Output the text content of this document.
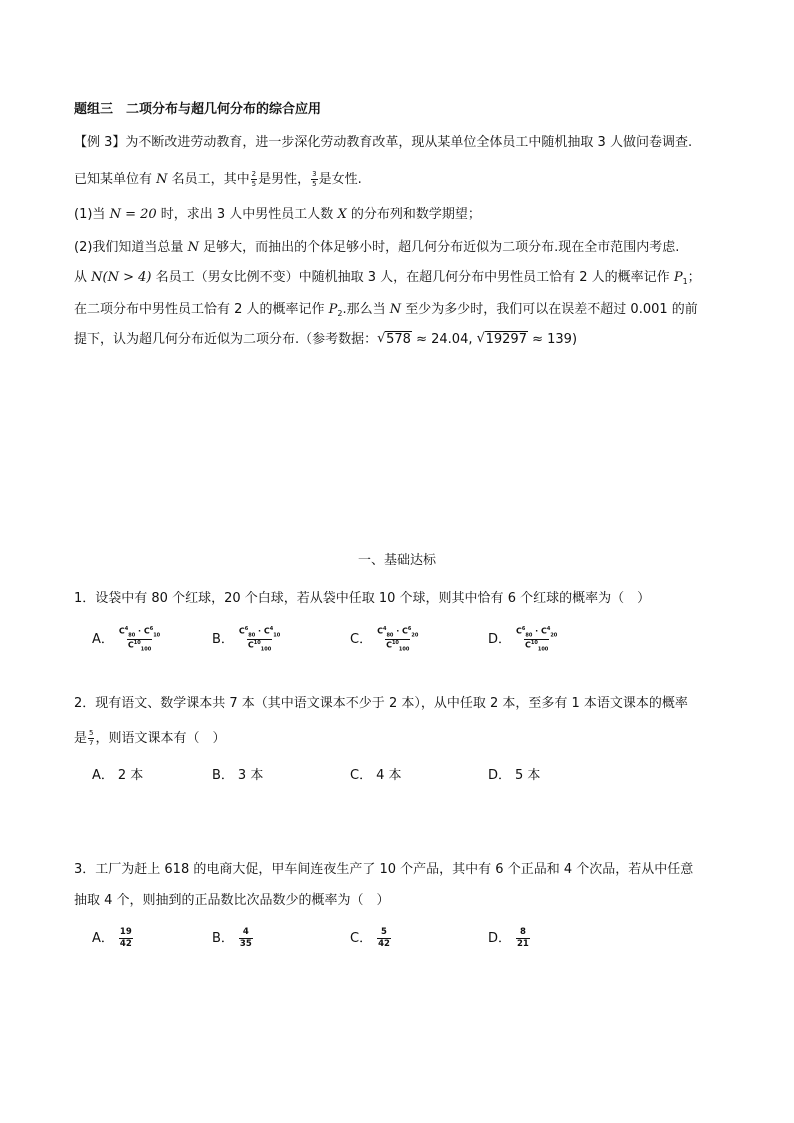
题组三　二项分布与超几何分布的综合应用
【例 3】为不断改进劳动教育，进一步深化劳动教育改革，现从某单位全体员工中随机抽取 3 人做问卷调查.
已知某单位有 N 名员工，其中 $\frac{2}{5}$ 是男性， $\frac{3}{5}$ 是女性.
(1)当 N = 20 时，求出 3 人中男性员工人数 X 的分布列和数学期望；
(2)我们知道当总量 N 足够大，而抽出的个体足够小时，超几何分布近似为二项分布.现在全市范围内考虑.
从 N(N > 4) 名员工（男女比例不变）中随机抽取 3 人，在超几何分布中男性员工恰有 2 人的概率记作 $P_1$；
在二项分布中男性员工恰有 2 人的概率记作 $P_2$.那么当 N 至少为多少时，我们可以在误差不超过 0.001 的前
提下，认为超几何分布近似为二项分布.（参考数据： √ 578 ≈ 24.04, √ 19297 ≈ 139)
一、基础达标
1．设袋中有 80 个红球，20 个白球，若从袋中任取 10 个球，则其中恰有 6 个红球的概率为（　）
A． $\frac{C^4_{80} \cdot C^6_{10}}{C^{10}_{100}}$	B． $\frac{C^6_{80} \cdot C^4_{10}}{C^{10}_{100}}$	C． $\frac{C^4_{80} \cdot C^6_{20}}{C^{10}_{100}}$	D． $\frac{C^6_{80} \cdot C^4_{20}}{C^{10}_{100}}$
2．现有语文、数学课本共 7 本（其中语文课本不少于 2 本），从中任取 2 本，至多有 1 本语文课本的概率
是 $\frac{5}{7}$ ，则语文课本有（　）
A． 2 本	B． 3 本	C． 4 本	D． 5 本
3．工厂为赶上 618 的电商大促，甲车间连夜生产了 10 个产品，其中有 6 个正品和 4 个次品，若从中任意
抽取 4 个，则抽到的正品数比次品数少的概率为（　）
A． $\frac{19}{42}$	B． $\frac{4}{35}$	C． $\frac{5}{42}$	D． $\frac{8}{21}$
